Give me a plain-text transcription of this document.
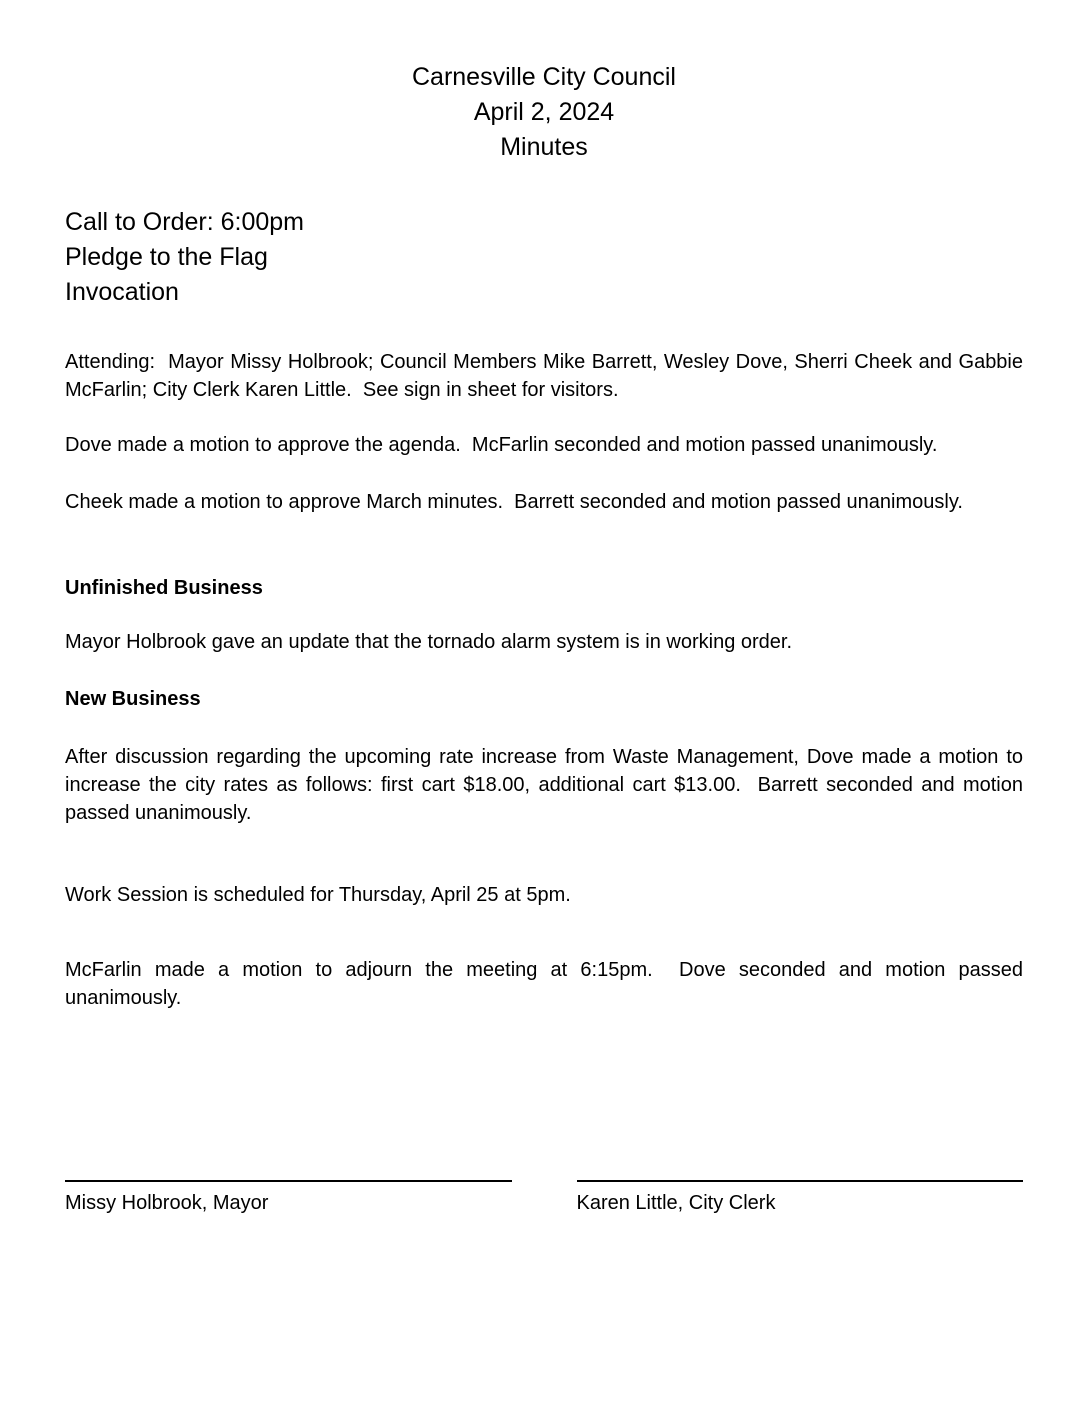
Carnesville City Council
April 2, 2024
Minutes
Call to Order: 6:00pm
Pledge to the Flag
Invocation

Attending:  Mayor Missy Holbrook; Council Members Mike Barrett, Wesley Dove, Sherri Cheek and Gabbie McFarlin; City Clerk Karen Little.  See sign in sheet for visitors.

Dove made a motion to approve the agenda.  McFarlin seconded and motion passed unanimously.

Cheek made a motion to approve March minutes.  Barrett seconded and motion passed unanimously.

Unfinished Business

Mayor Holbrook gave an update that the tornado alarm system is in working order.

New Business

After discussion regarding the upcoming rate increase from Waste Management, Dove made a motion to increase the city rates as follows: first cart $18.00, additional cart $13.00.  Barrett seconded and motion passed unanimously.

Work Session is scheduled for Thursday, April 25 at 5pm.

McFarlin made a motion to adjourn the meeting at 6:15pm.  Dove seconded and motion passed unanimously.

Missy Holbrook, Mayor	Karen Little, City Clerk
